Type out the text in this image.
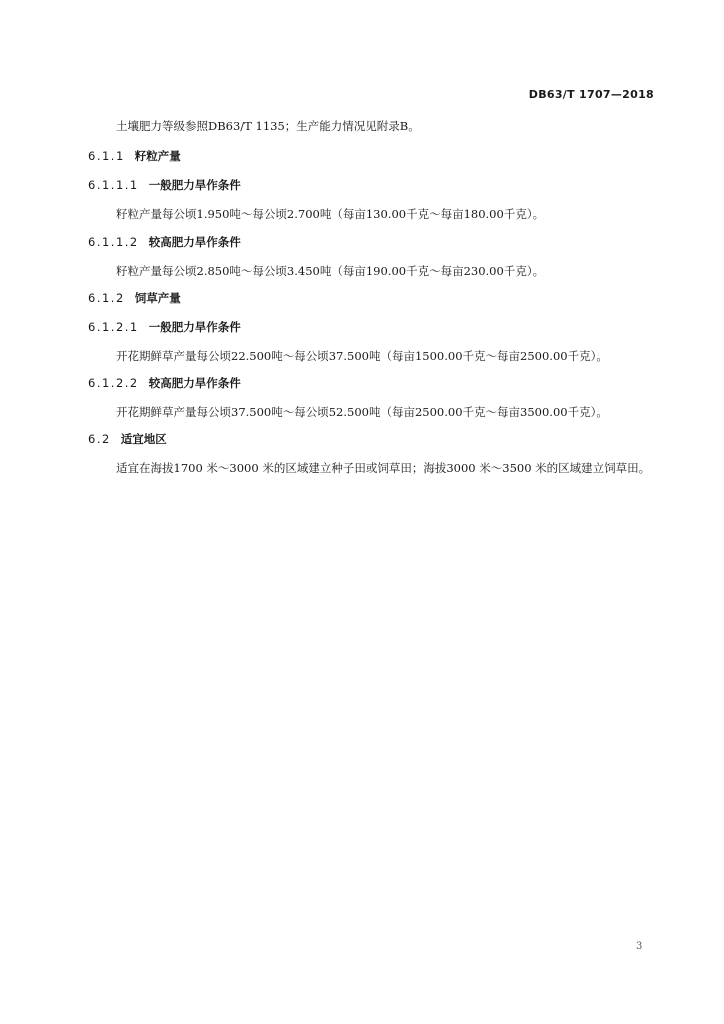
DB63/T 1707—2018
土壤肥力等级参照DB63/T 1135；生产能力情况见附录B。
6.1.1 籽粒产量
6.1.1.1 一般肥力旱作条件
籽粒产量每公顷1.950吨～每公顷2.700吨（每亩130.00千克～每亩180.00千克）。
6.1.1.2 较高肥力旱作条件
籽粒产量每公顷2.850吨～每公顷3.450吨（每亩190.00千克～每亩230.00千克）。
6.1.2 饲草产量
6.1.2.1 一般肥力旱作条件
开花期鲜草产量每公顷22.500吨～每公顷37.500吨（每亩1500.00千克～每亩2500.00千克）。
6.1.2.2 较高肥力旱作条件
开花期鲜草产量每公顷37.500吨～每公顷52.500吨（每亩2500.00千克～每亩3500.00千克）。
6.2 适宜地区
适宜在海拔1700 米～3000 米的区域建立种子田或饲草田；海拔3000 米～3500 米的区域建立饲草田。
3
